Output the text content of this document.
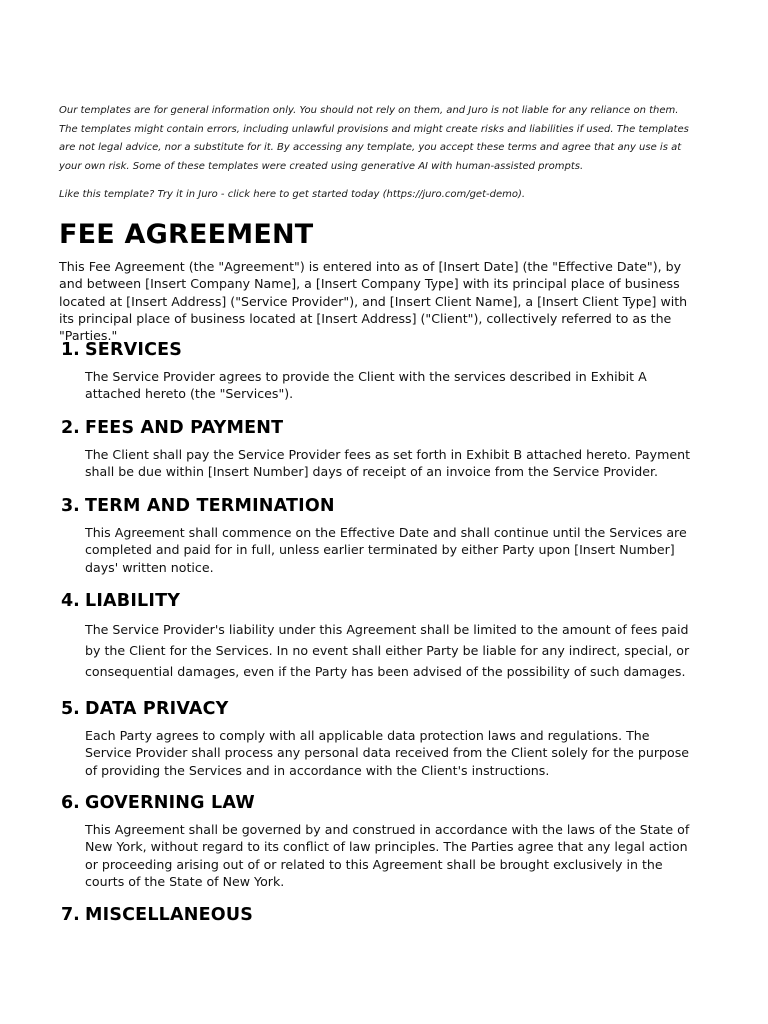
Our templates are for general information only. You should not rely on them, and Juro is not liable for any reliance on them. The templates might contain errors, including unlawful provisions and might create risks and liabilities if used. The templates are not legal advice, nor a substitute for it. By accessing any template, you accept these terms and agree that any use is at your own risk. Some of these templates were created using generative AI with human-assisted prompts.

Like this template? Try it in Juro - click here to get started today (https://juro.com/get-demo).

FEE AGREEMENT

This Fee Agreement (the "Agreement") is entered into as of [Insert Date] (the "Effective Date"), by and between [Insert Company Name], a [Insert Company Type] with its principal place of business located at [Insert Address] ("Service Provider"), and [Insert Client Name], a [Insert Client Type] with its principal place of business located at [Insert Address] ("Client"), collectively referred to as the "Parties."

1. SERVICES

The Service Provider agrees to provide the Client with the services described in Exhibit A attached hereto (the "Services").

2. FEES AND PAYMENT

The Client shall pay the Service Provider fees as set forth in Exhibit B attached hereto. Payment shall be due within [Insert Number] days of receipt of an invoice from the Service Provider.

3. TERM AND TERMINATION

This Agreement shall commence on the Effective Date and shall continue until the Services are completed and paid for in full, unless earlier terminated by either Party upon [Insert Number] days' written notice.

4. LIABILITY

The Service Provider's liability under this Agreement shall be limited to the amount of fees paid by the Client for the Services. In no event shall either Party be liable for any indirect, special, or consequential damages, even if the Party has been advised of the possibility of such damages.

5. DATA PRIVACY

Each Party agrees to comply with all applicable data protection laws and regulations. The Service Provider shall process any personal data received from the Client solely for the purpose of providing the Services and in accordance with the Client's instructions.

6. GOVERNING LAW

This Agreement shall be governed by and construed in accordance with the laws of the State of New York, without regard to its conflict of law principles. The Parties agree that any legal action or proceeding arising out of or related to this Agreement shall be brought exclusively in the courts of the State of New York.

7. MISCELLANEOUS
